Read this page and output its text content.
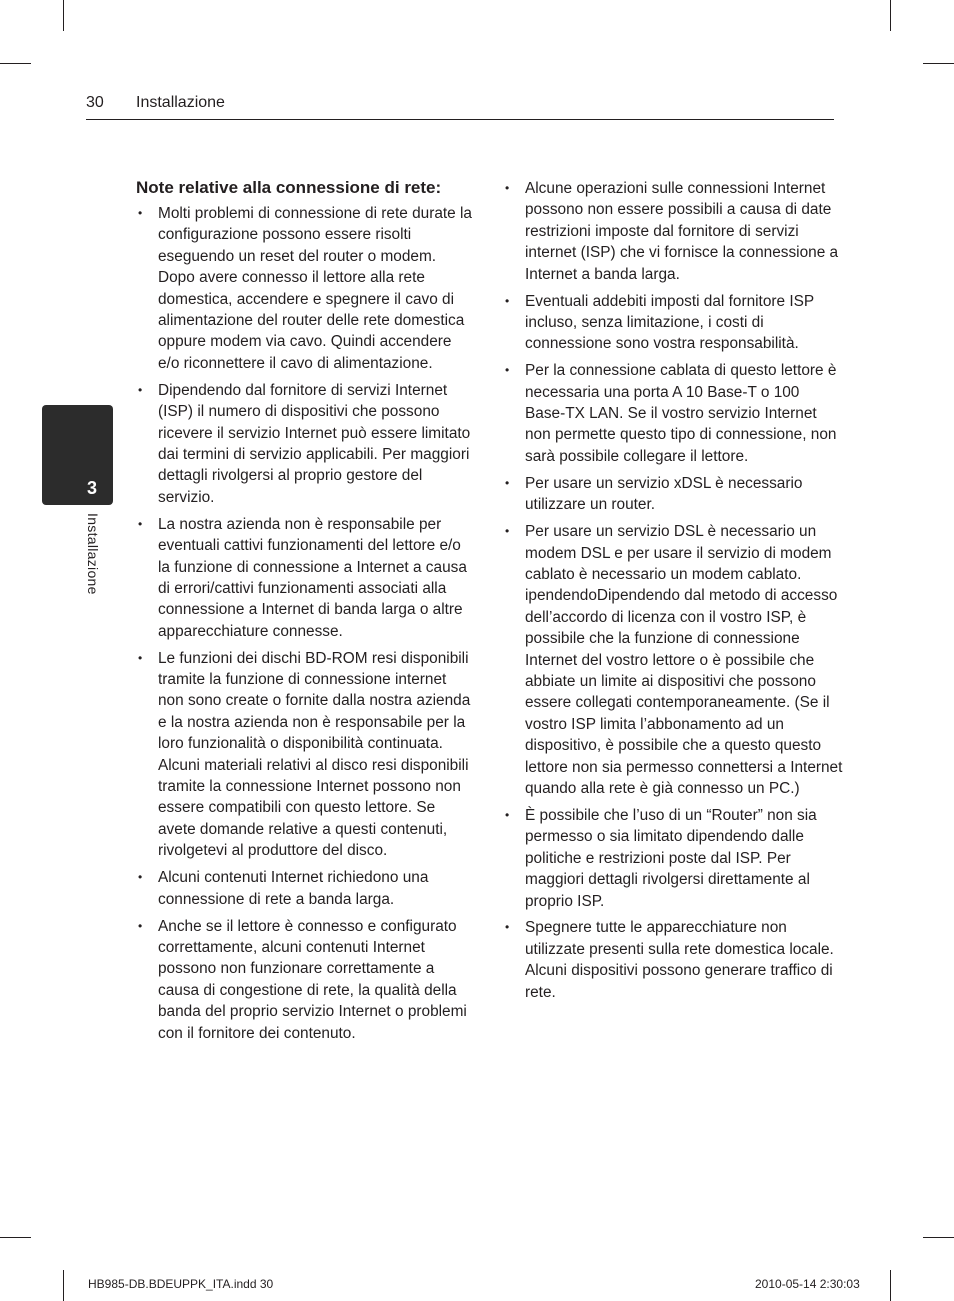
30 Installazione
3
Installazione
Note relative alla connessione di rete:
• Molti problemi di connessione di rete durate la configurazione possono essere risolti eseguendo un reset del router o modem. Dopo avere connesso il lettore alla rete domestica, accendere e spegnere il cavo di alimentazione del router delle rete domestica oppure modem via cavo. Quindi accendere e/o riconnettere il cavo di alimentazione.
• Dipendendo dal fornitore di servizi Internet (ISP) il numero di dispositivi che possono ricevere il servizio Internet può essere limitato dai termini di servizio applicabili. Per maggiori dettagli rivolgersi al proprio gestore del servizio.
• La nostra azienda non è responsabile per eventuali cattivi funzionamenti del lettore e/o la funzione di connessione a Internet a causa di errori/cattivi funzionamenti associati alla connessione a Internet di banda larga o altre apparecchiature connesse.
• Le funzioni dei dischi BD-ROM resi disponibili tramite la funzione di connessione internet non sono create o fornite dalla nostra azienda e la nostra azienda non è responsabile per la loro funzionalità o disponibilità continuata. Alcuni materiali relativi al disco resi disponibili tramite la connessione Internet possono non essere compatibili con questo lettore. Se avete domande relative a questi contenuti, rivolgetevi al produttore del disco.
• Alcuni contenuti Internet richiedono una connessione di rete a banda larga.
• Anche se il lettore è connesso e configurato correttamente, alcuni contenuti Internet possono non funzionare correttamente a causa di congestione di rete, la qualità della banda del proprio servizio Internet o problemi con il fornitore dei contenuto.
• Alcune operazioni sulle connessioni Internet possono non essere possibili a causa di date restrizioni imposte dal fornitore di servizi internet (ISP) che vi fornisce la connessione a Internet a banda larga.
• Eventuali addebiti imposti dal fornitore ISP incluso, senza limitazione, i costi di connessione sono vostra responsabilità.
• Per la connessione cablata di questo lettore è necessaria una porta A 10 Base-T o 100 Base-TX LAN. Se il vostro servizio Internet non permette questo tipo di connessione, non sarà possibile collegare il lettore.
• Per usare un servizio xDSL è necessario utilizzare un router.
• Per usare un servizio DSL è necessario un modem DSL e per usare il servizio di modem cablato è necessario un modem cablato. ipendendoDipendendo dal metodo di accesso dell’accordo di licenza con il vostro ISP, è possibile che la funzione di connessione Internet del vostro lettore o è possibile che abbiate un limite ai dispositivi che possono essere collegati contemporaneamente. (Se il vostro ISP limita l’abbonamento ad un dispositivo, è possibile che a questo questo lettore non sia permesso connettersi a Internet quando alla rete è già connesso un PC.)
• È possibile che l’uso di un “Router” non sia permesso o sia limitato dipendendo dalle politiche e restrizioni poste dal ISP. Per maggiori dettagli rivolgersi direttamente al proprio ISP.
• Spegnere tutte le apparecchiature non utilizzate presenti sulla rete domestica locale. Alcuni dispositivi possono generare traffico di rete.
HB985-DB.BDEUPPK_ITA.indd 30	2010-05-14 2:30:03
